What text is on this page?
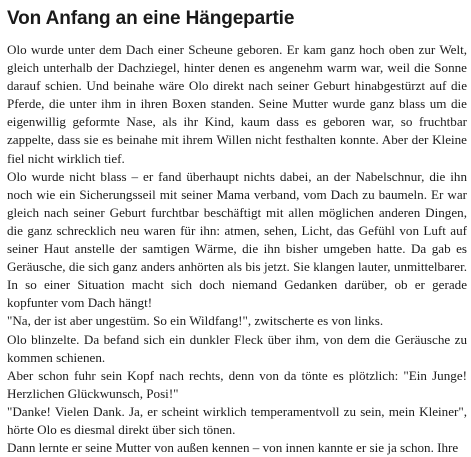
Von Anfang an eine Hängepartie

Olo wurde unter dem Dach einer Scheune geboren. Er kam ganz hoch oben zur Welt, gleich unterhalb der Dachziegel, hinter denen es angenehm warm war, weil die Sonne darauf schien. Und beinahe wäre Olo direkt nach seiner Geburt hinabgestürzt auf die Pferde, die unter ihm in ihren Boxen standen. Seine Mutter wurde ganz blass um die eigenwillig geformte Nase, als ihr Kind, kaum dass es geboren war, so fruchtbar zappelte, dass sie es beinahe mit ihrem Willen nicht festhalten konnte. Aber der Kleine fiel nicht wirklich tief.

Olo wurde nicht blass – er fand überhaupt nichts dabei, an der Nabelschnur, die ihn noch wie ein Sicherungsseil mit seiner Mama verband, vom Dach zu baumeln. Er war gleich nach seiner Geburt furchtbar beschäftigt mit allen möglichen anderen Dingen, die ganz schrecklich neu waren für ihn: atmen, sehen, Licht, das Gefühl von Luft auf seiner Haut anstelle der samtigen Wärme, die ihn bisher umgeben hatte. Da gab es Geräusche, die sich ganz anders anhörten als bis jetzt. Sie klangen lauter, unmittelbarer. In so einer Situation macht sich doch niemand Gedanken darüber, ob er gerade kopfunter vom Dach hängt!

"Na, der ist aber ungestüm. So ein Wildfang!", zwitscherte es von links.

Olo blinzelte. Da befand sich ein dunkler Fleck über ihm, von dem die Geräusche zu kommen schienen.

Aber schon fuhr sein Kopf nach rechts, denn von da tönte es plötzlich: "Ein Junge! Herzlichen Glückwunsch, Posi!"

"Danke! Vielen Dank. Ja, er scheint wirklich temperamentvoll zu sein, mein Kleiner", hörte Olo es diesmal direkt über sich tönen.

Dann lernte er seine Mutter von außen kennen – von innen kannte er sie ja schon. Ihre
